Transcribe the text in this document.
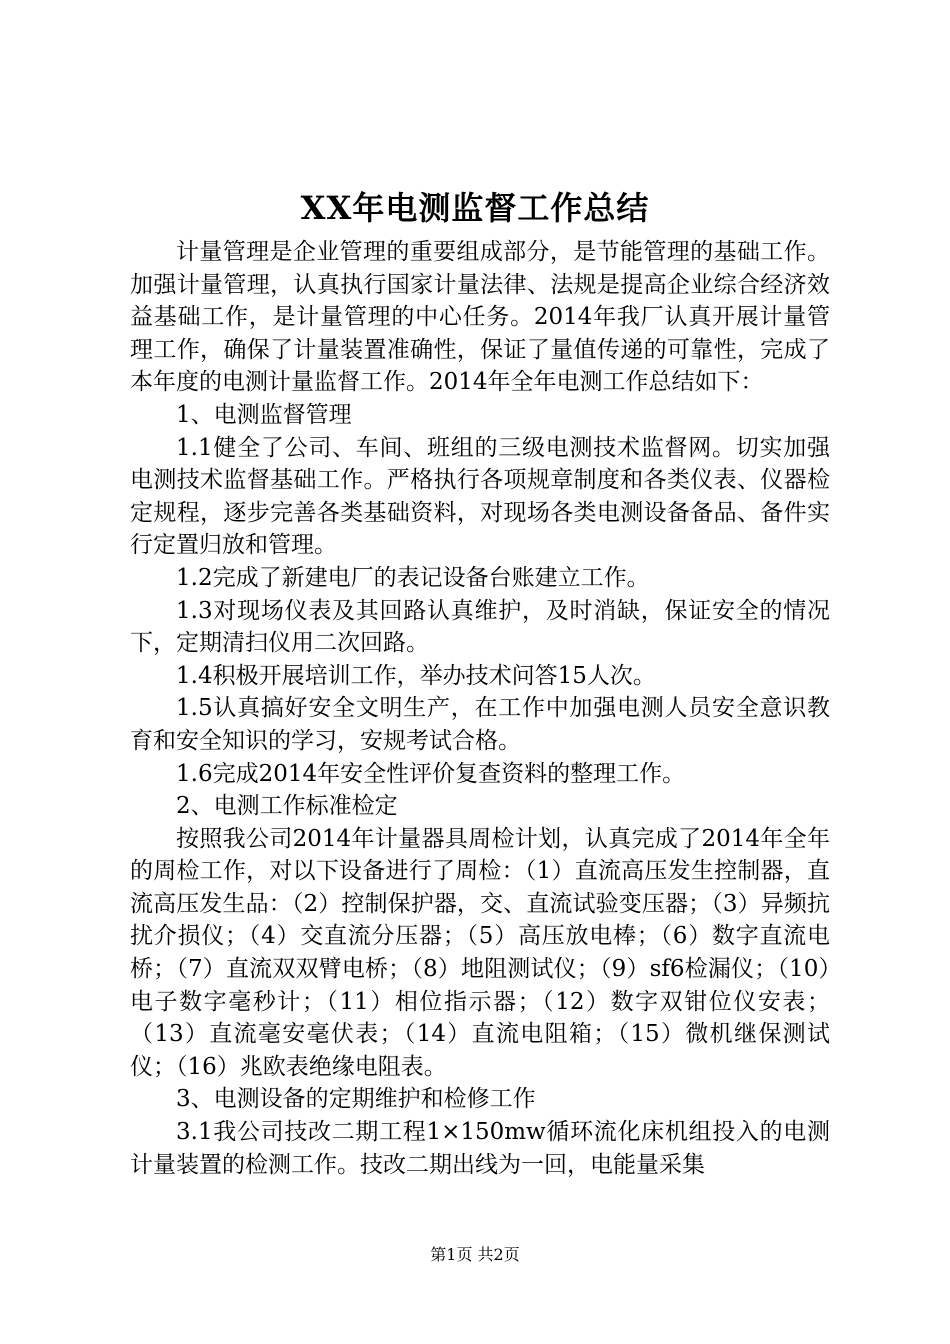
XX年电测监督工作总结

计量管理是企业管理的重要组成部分，是节能管理的基础工作。加强计量管理，认真执行国家计量法律、法规是提高企业综合经济效益基础工作，是计量管理的中心任务。2014年我厂认真开展计量管理工作，确保了计量装置准确性，保证了量值传递的可靠性，完成了本年度的电测计量监督工作。2014年全年电测工作总结如下：

1、电测监督管理

1.1健全了公司、车间、班组的三级电测技术监督网。切实加强电测技术监督基础工作。严格执行各项规章制度和各类仪表、仪器检定规程，逐步完善各类基础资料，对现场各类电测设备备品、备件实行定置归放和管理。

1.2完成了新建电厂的表记设备台账建立工作。

1.3对现场仪表及其回路认真维护，及时消缺，保证安全的情况下，定期清扫仪用二次回路。

1.4积极开展培训工作，举办技术问答15人次。

1.5认真搞好安全文明生产，在工作中加强电测人员安全意识教育和安全知识的学习，安规考试合格。

1.6完成2014年安全性评价复查资料的整理工作。

2、电测工作标准检定

按照我公司2014年计量器具周检计划，认真完成了2014年全年的周检工作，对以下设备进行了周检：（1）直流高压发生控制器，直流高压发生品：（2）控制保护器，交、直流试验变压器；（3）异频抗扰介损仪；（4）交直流分压器；（5）高压放电棒；（6）数字直流电桥；（7）直流双双臂电桥；（8）地阻测试仪；（9）sf6检漏仪；（10）电子数字毫秒计；（11）相位指示器；（12）数字双钳位仪安表；（13）直流毫安毫伏表；（14）直流电阻箱；（15）微机继保测试仪；（16）兆欧表绝缘电阻表。

3、电测设备的定期维护和检修工作

3.1我公司技改二期工程1×150mw循环流化床机组投入的电测计量装置的检测工作。技改二期出线为一回，电能量采集

第1页 共2页
